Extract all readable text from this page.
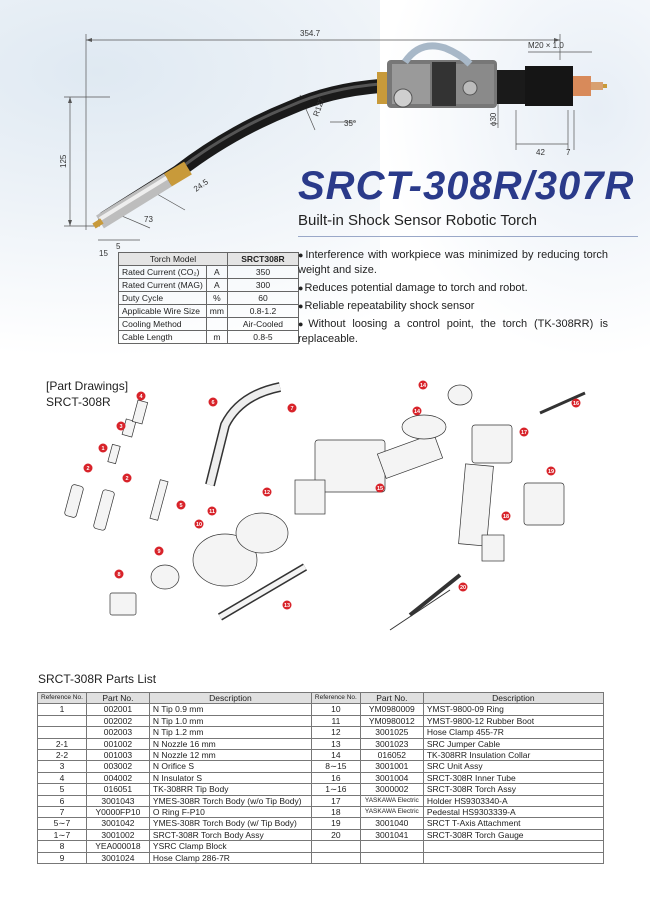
354.7
M20 × 1.0
R127
35°	ϕ30
42	7
125
24.5
73
15
5
SRCT-308R/307R
Built-in Shock Sensor Robotic Torch
Torch Model		SRCT308R
Rated Current (CO₂)	A	350
Rated Current (MAG)	A	300
Duty Cycle	%	60
Applicable Wire Size	mm	0.8-1.2
Cooling Method		Air-Cooled
Cable Length	m	0.8-5
● Interference with workpiece was minimized by reducing torch weight and size.
● Reduces potential damage to torch and robot.
● Reliable repeatability shock sensor
● Without loosing a control point, the torch (TK-308RR) is replaceable.
[Part Drawings]
SRCT-308R
1
2
2
3
4
5
6
7
8
9
10
11
12
13
14
14
15
16
17
18
19
20
SRCT-308R Parts List
Reference No.	Part No.	Description	Reference No.	Part No.	Description
1	002001	N Tip 0.9 mm	10	YM0980009	YMST-9800-09 Ring
	002002	N Tip 1.0 mm	11	YM0980012	YMST-9800-12 Rubber Boot
	002003	N Tip 1.2 mm	12	3001025	Hose Clamp 455-7R
2-1	001002	N Nozzle 16 mm	13	3001023	SRC Jumper Cable
2-2	001003	N Nozzle 12 mm	14	016052	TK-308RR Insulation Collar
3	003002	N Orifice S	8∼15	3001001	SRC Unit Assy
4	004002	N Insulator S	16	3001004	SRCT-308R Inner Tube
5	016051	TK-308RR Tip Body	1∼16	3000002	SRCT-308R Torch Assy
6	3001043	YMES-308R Torch Body (w/o Tip Body)	17	YASKAWA Electric	Holder HS9303340-A
7	Y0000FP10	O Ring F-P10	18	YASKAWA Electric	Pedestal HS9303339-A
5∼7	3001042	YMES-308R Torch Body (w/ Tip Body)	19	3001040	SRCT T-Axis Attachment
1∼7	3001002	SRCT-308R Torch Body Assy	20	3001041	SRCT-308R Torch Gauge
8	YEA000018	YSRC Clamp Block			
9	3001024	Hose Clamp 286-7R			
